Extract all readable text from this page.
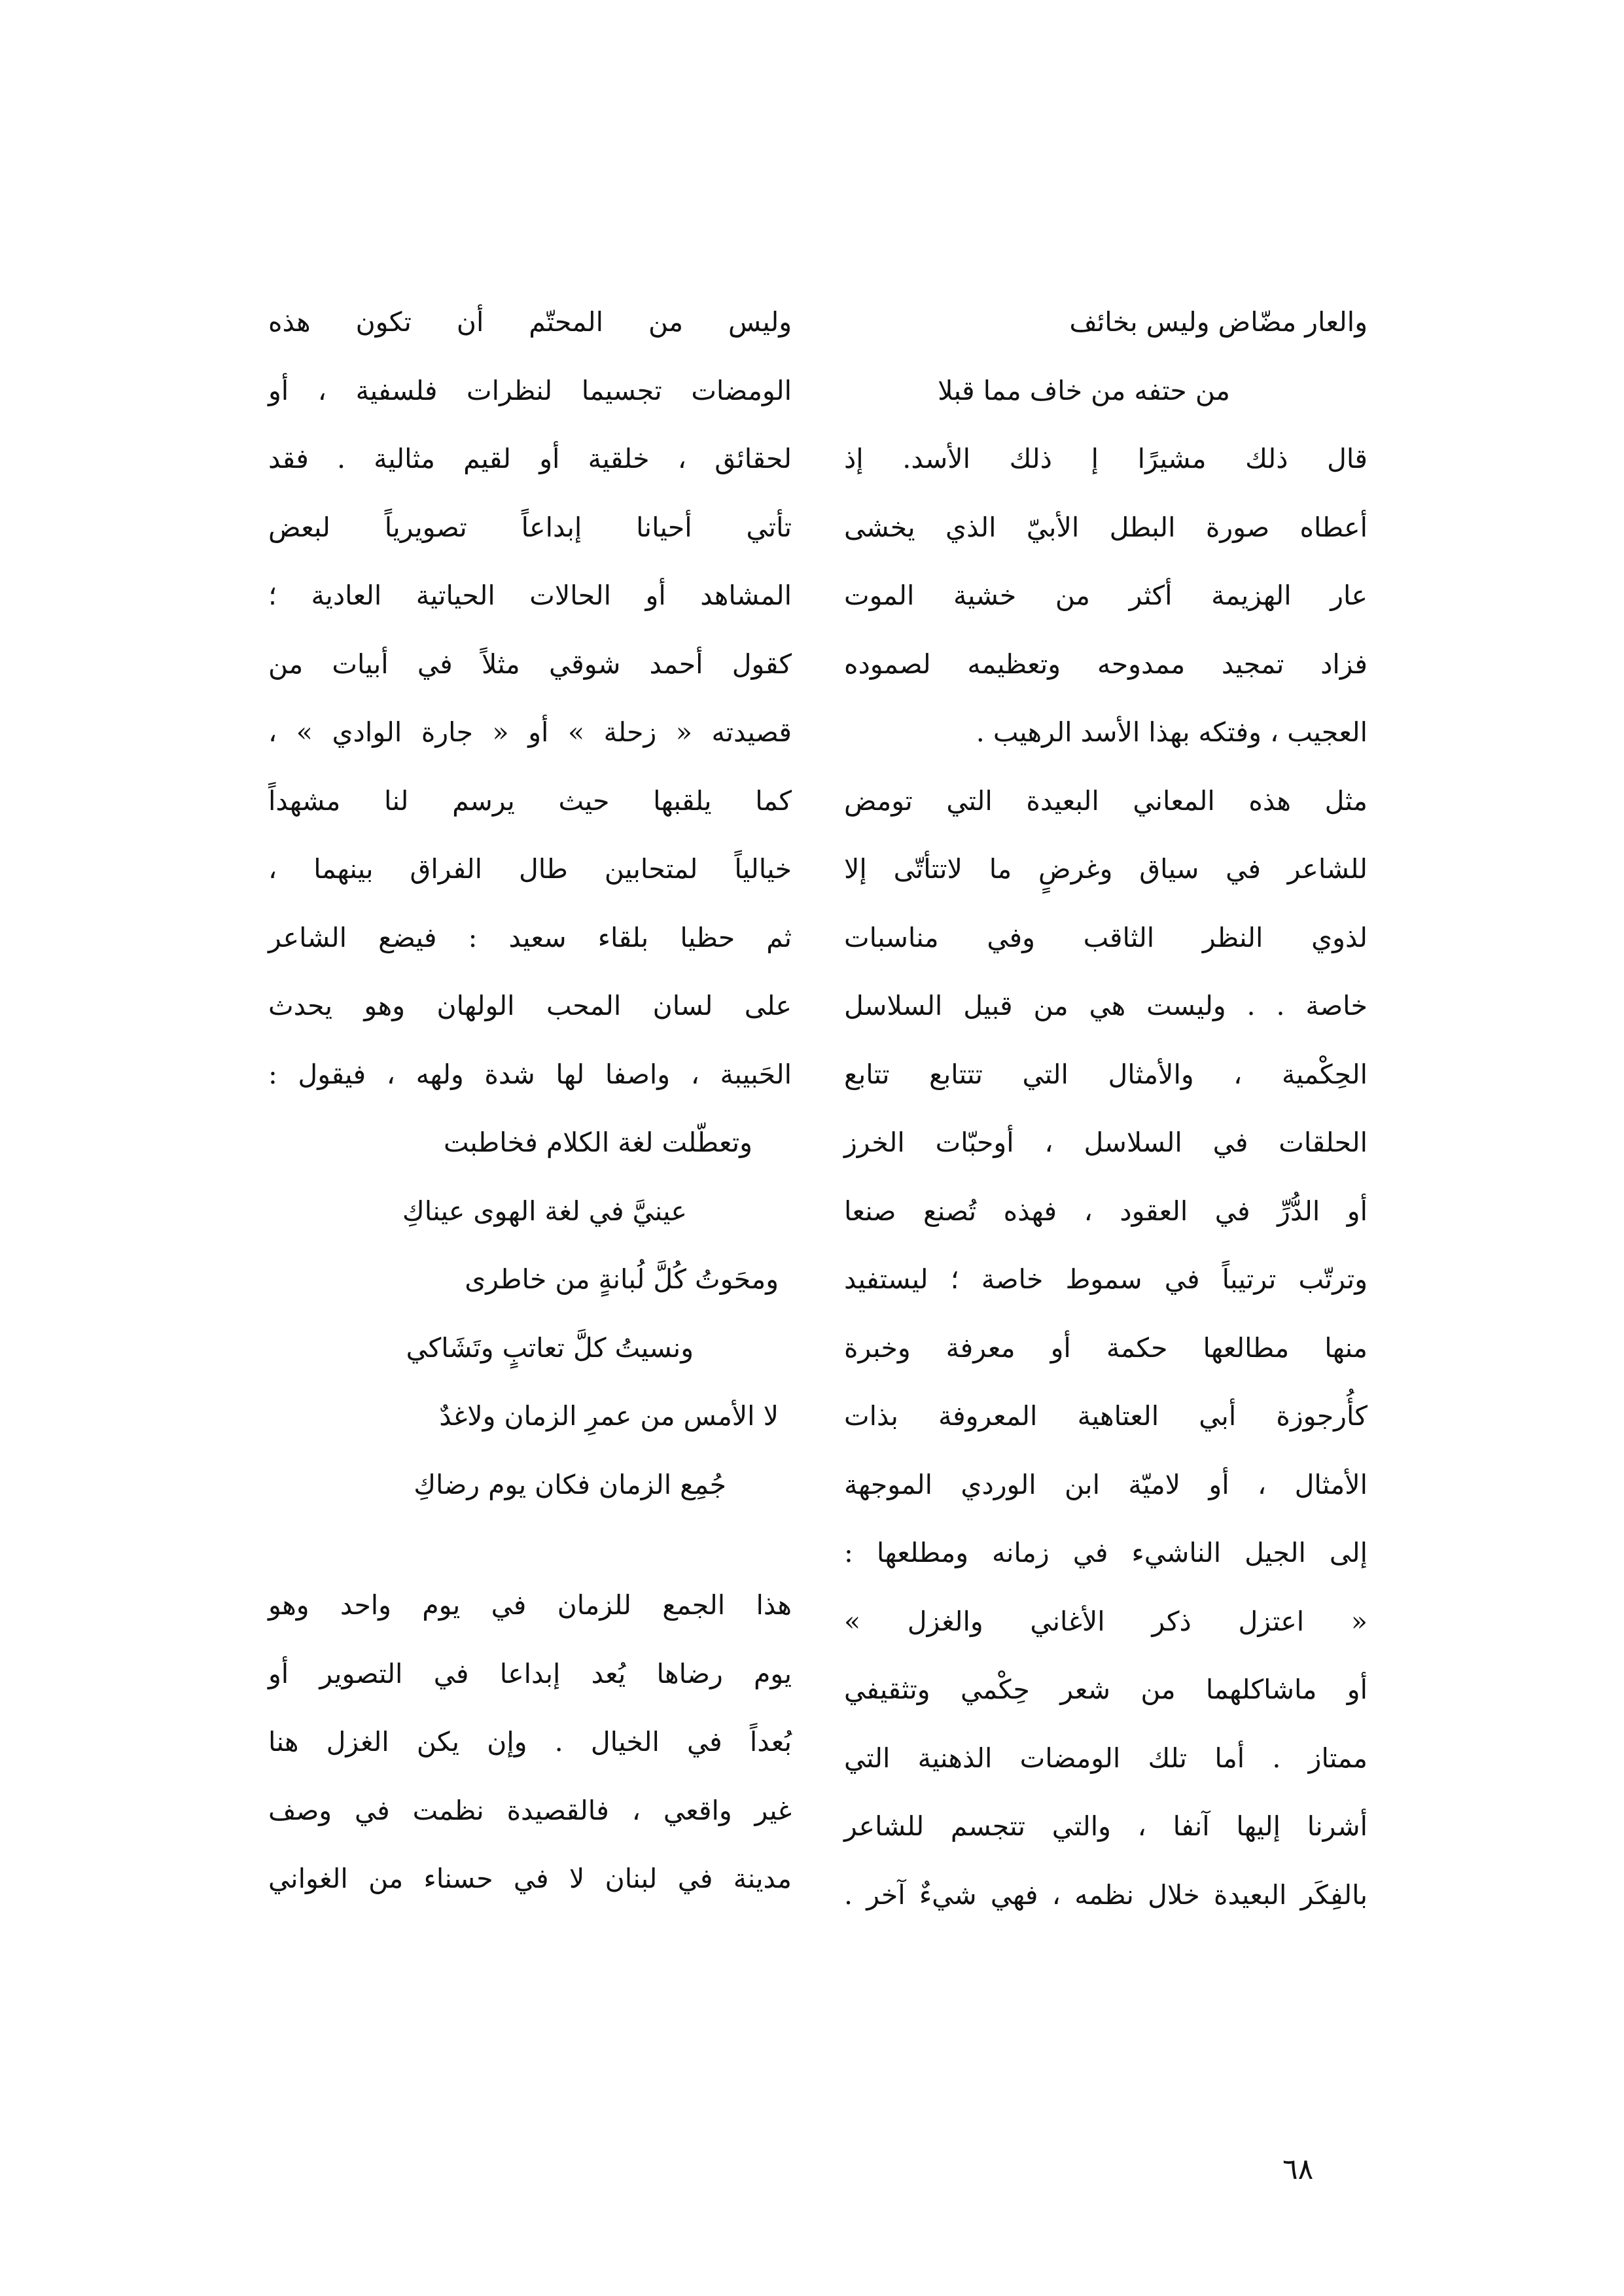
والعار مضّاض وليس بخائف
من حتفه من خاف مما قبلا
قال ذلك مشيرًا إ ذلك الأسد. إذ
أعطاه صورة البطل الأبيّ الذي يخشى
عار الهزيمة أكثر من خشية الموت
فزاد تمجيد ممدوحه وتعظيمه لصموده
العجيب ، وفتكه بهذا الأسد الرهيب .
مثل هذه المعاني البعيدة التي تومض
للشاعر في سياق وغرضٍ ما لاتتأتّى إلا
لذوي النظر الثاقب وفي مناسبات
خاصة . . وليست هي من قبيل السلاسل
الحِكْمية ، والأمثال التي تتتابع تتابع
الحلقات في السلاسل ، أوحبّات الخرز
أو الدُّرِّ في العقود ، فهذه تُصنع صنعا
وترتّب ترتيباً في سموط خاصة ؛ ليستفيد
منها مطالعها حكمة أو معرفة وخبرة
كأُرجوزة أبي العتاهية المعروفة بذات
الأمثال ، أو لاميّة ابن الوردي الموجهة
إلى الجيل الناشيء في زمانه ومطلعها :
« اعتزل ذكر الأغاني والغزل »
أو ماشاكلهما من شعر حِكْمي وتثقيفي
ممتاز . أما تلك الومضات الذهنية التي
أشرنا إليها آنفا ، والتي تتجسم للشاعر
بالفِكَر البعيدة خلال نظمه ، فهي شيءٌ آخر .
وليس من المحتّم أن تكون هذه
الومضات تجسيما لنظرات فلسفية ، أو
لحقائق ، خلقية أو لقيم مثالية . فقد
تأتي أحيانا إبداعاً تصويرياً لبعض
المشاهد أو الحالات الحياتية العادية ؛
كقول أحمد شوقي مثلاً في أبيات من
قصيدته « زحلة » أو « جارة الوادي » ،
كما يلقبها حيث يرسم لنا مشهداً
خيالياً لمتحابين طال الفراق بينهما ،
ثم حظيا بلقاء سعيد : فيضع الشاعر
على لسان المحب الولهان وهو يحدث
الحَبيبة ، واصفا لها شدة ولهه ، فيقول :
وتعطّلت لغة الكلام فخاطبت
عينيَّ في لغة الهوى عيناكِ
ومحَوتُ كُلَّ لُبانةٍ من خاطرى
ونسيتُ كلَّ تعاتبٍ وتَشَاكي
لا الأمس من عمرِ الزمان ولاغدٌ
جُمِع الزمان فكان يوم رضاكِ
هذا الجمع للزمان في يوم واحد وهو
يوم رضاها يُعد إبداعا في التصوير أو
بُعداً في الخيال . وإن يكن الغزل هنا
غير واقعي ، فالقصيدة نظمت في وصف
مدينة في لبنان لا في حسناء من الغواني
٦٨
